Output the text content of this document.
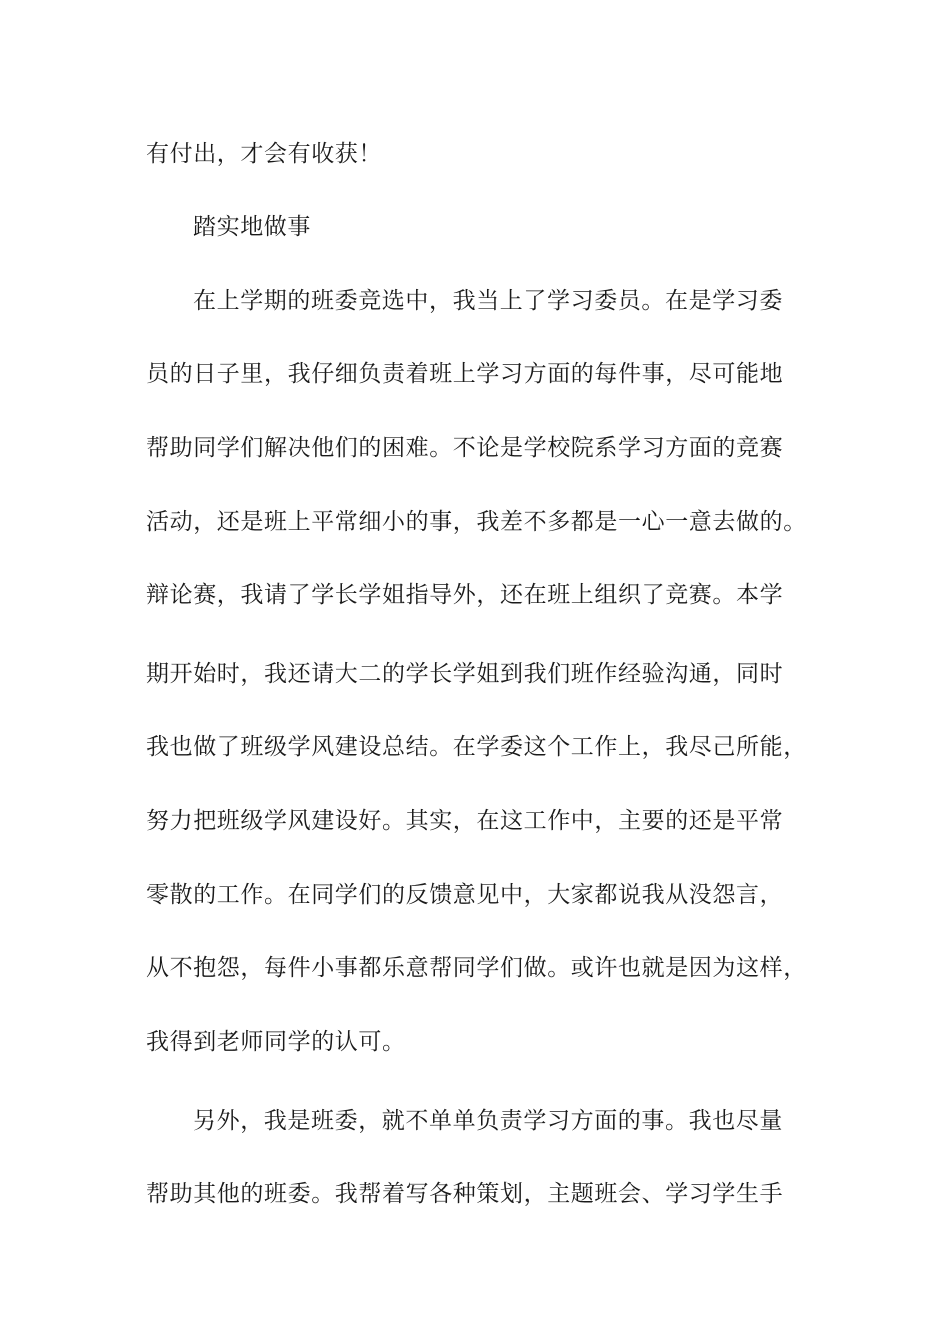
有付出，才会有收获！
踏实地做事
在上学期的班委竞选中，我当上了学习委员。在是学习委
员的日子里，我仔细负责着班上学习方面的每件事，尽可能地
帮助同学们解决他们的困难。不论是学校院系学习方面的竞赛
活动，还是班上平常细小的事，我差不多都是一心一意去做的。
辩论赛，我请了学长学姐指导外，还在班上组织了竞赛。本学
期开始时，我还请大二的学长学姐到我们班作经验沟通，同时
我也做了班级学风建设总结。在学委这个工作上，我尽己所能，
努力把班级学风建设好。其实，在这工作中，主要的还是平常
零散的工作。在同学们的反馈意见中，大家都说我从没怨言，
从不抱怨，每件小事都乐意帮同学们做。或许也就是因为这样，
我得到老师同学的认可。
另外，我是班委，就不单单负责学习方面的事。我也尽量
帮助其他的班委。我帮着写各种策划，主题班会、学习学生手
